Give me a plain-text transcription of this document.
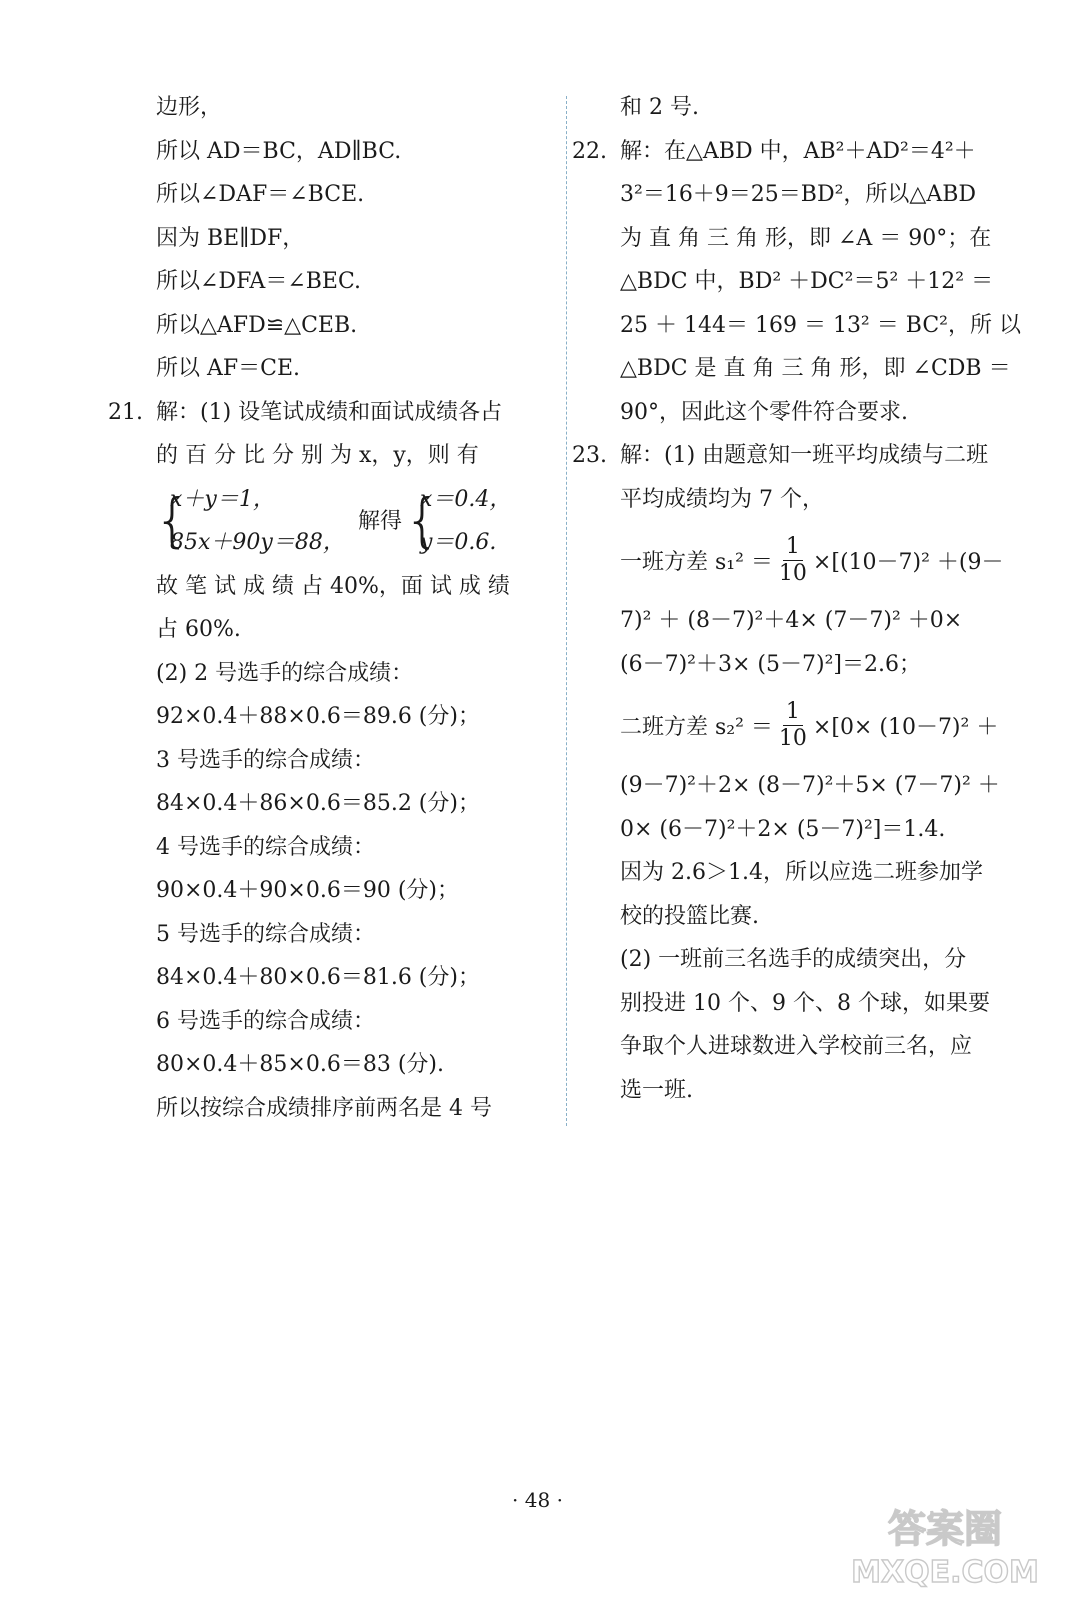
边形，
所以 AD＝BC，AD∥BC.
所以∠DAF＝∠BCE.
因为 BE∥DF，
所以∠DFA＝∠BEC.
所以△AFD≌△CEB.
所以 AF＝CE.
21. 解：(1) 设笔试成绩和面试成绩各占
的 百 分 比 分 别 为 x，y，则 有
{
x＋y＝1，
85x＋90y＝88，
解得 {
x＝0.4，
y＝0.6.
故 笔 试 成 绩 占 40%，面 试 成 绩
占 60%.
(2) 2 号选手的综合成绩：
92×0.4＋88×0.6＝89.6 (分)；
3 号选手的综合成绩：
84×0.4＋86×0.6＝85.2 (分)；
4 号选手的综合成绩：
90×0.4＋90×0.6＝90 (分)；
5 号选手的综合成绩：
84×0.4＋80×0.6＝81.6 (分)；
6 号选手的综合成绩：
80×0.4＋85×0.6＝83 (分).
所以按综合成绩排序前两名是 4 号
和 2 号.
22. 解：在△ABD 中，AB²＋AD²＝4²＋
3²＝16＋9＝25＝BD²，所以△ABD
为 直 角 三 角 形，即 ∠A ＝ 90°；在
△BDC 中，BD² ＋DC²＝5² ＋12² ＝
25 ＋ 144＝ 169 ＝ 13² ＝ BC²，所 以
△BDC 是 直 角 三 角 形，即 ∠CDB ＝
90°，因此这个零件符合要求.
23. 解：(1) 由题意知一班平均成绩与二班
平均成绩均为 7 个，
一班方差 $s_1^2 = \frac{1}{10} \times[(10-7)^2 +(9-$
7)² ＋ (8－7)²＋4× (7－7)² ＋0×
(6－7)²＋3× (5－7)²]＝2.6；
二班方差 $s_2^2 = \frac{1}{10} \times[0\times (10-7)^2$ ＋
(9－7)²＋2× (8－7)²＋5× (7－7)² ＋
0× (6－7)²＋2× (5－7)²]＝1.4.
因为 2.6＞1.4，所以应选二班参加学
校的投篮比赛.
(2) 一班前三名选手的成绩突出，分
别投进 10 个、9 个、8 个球，如果要
争取个人进球数进入学校前三名，应
选一班.
· 48 ·
答案圈
MXQE.COM
